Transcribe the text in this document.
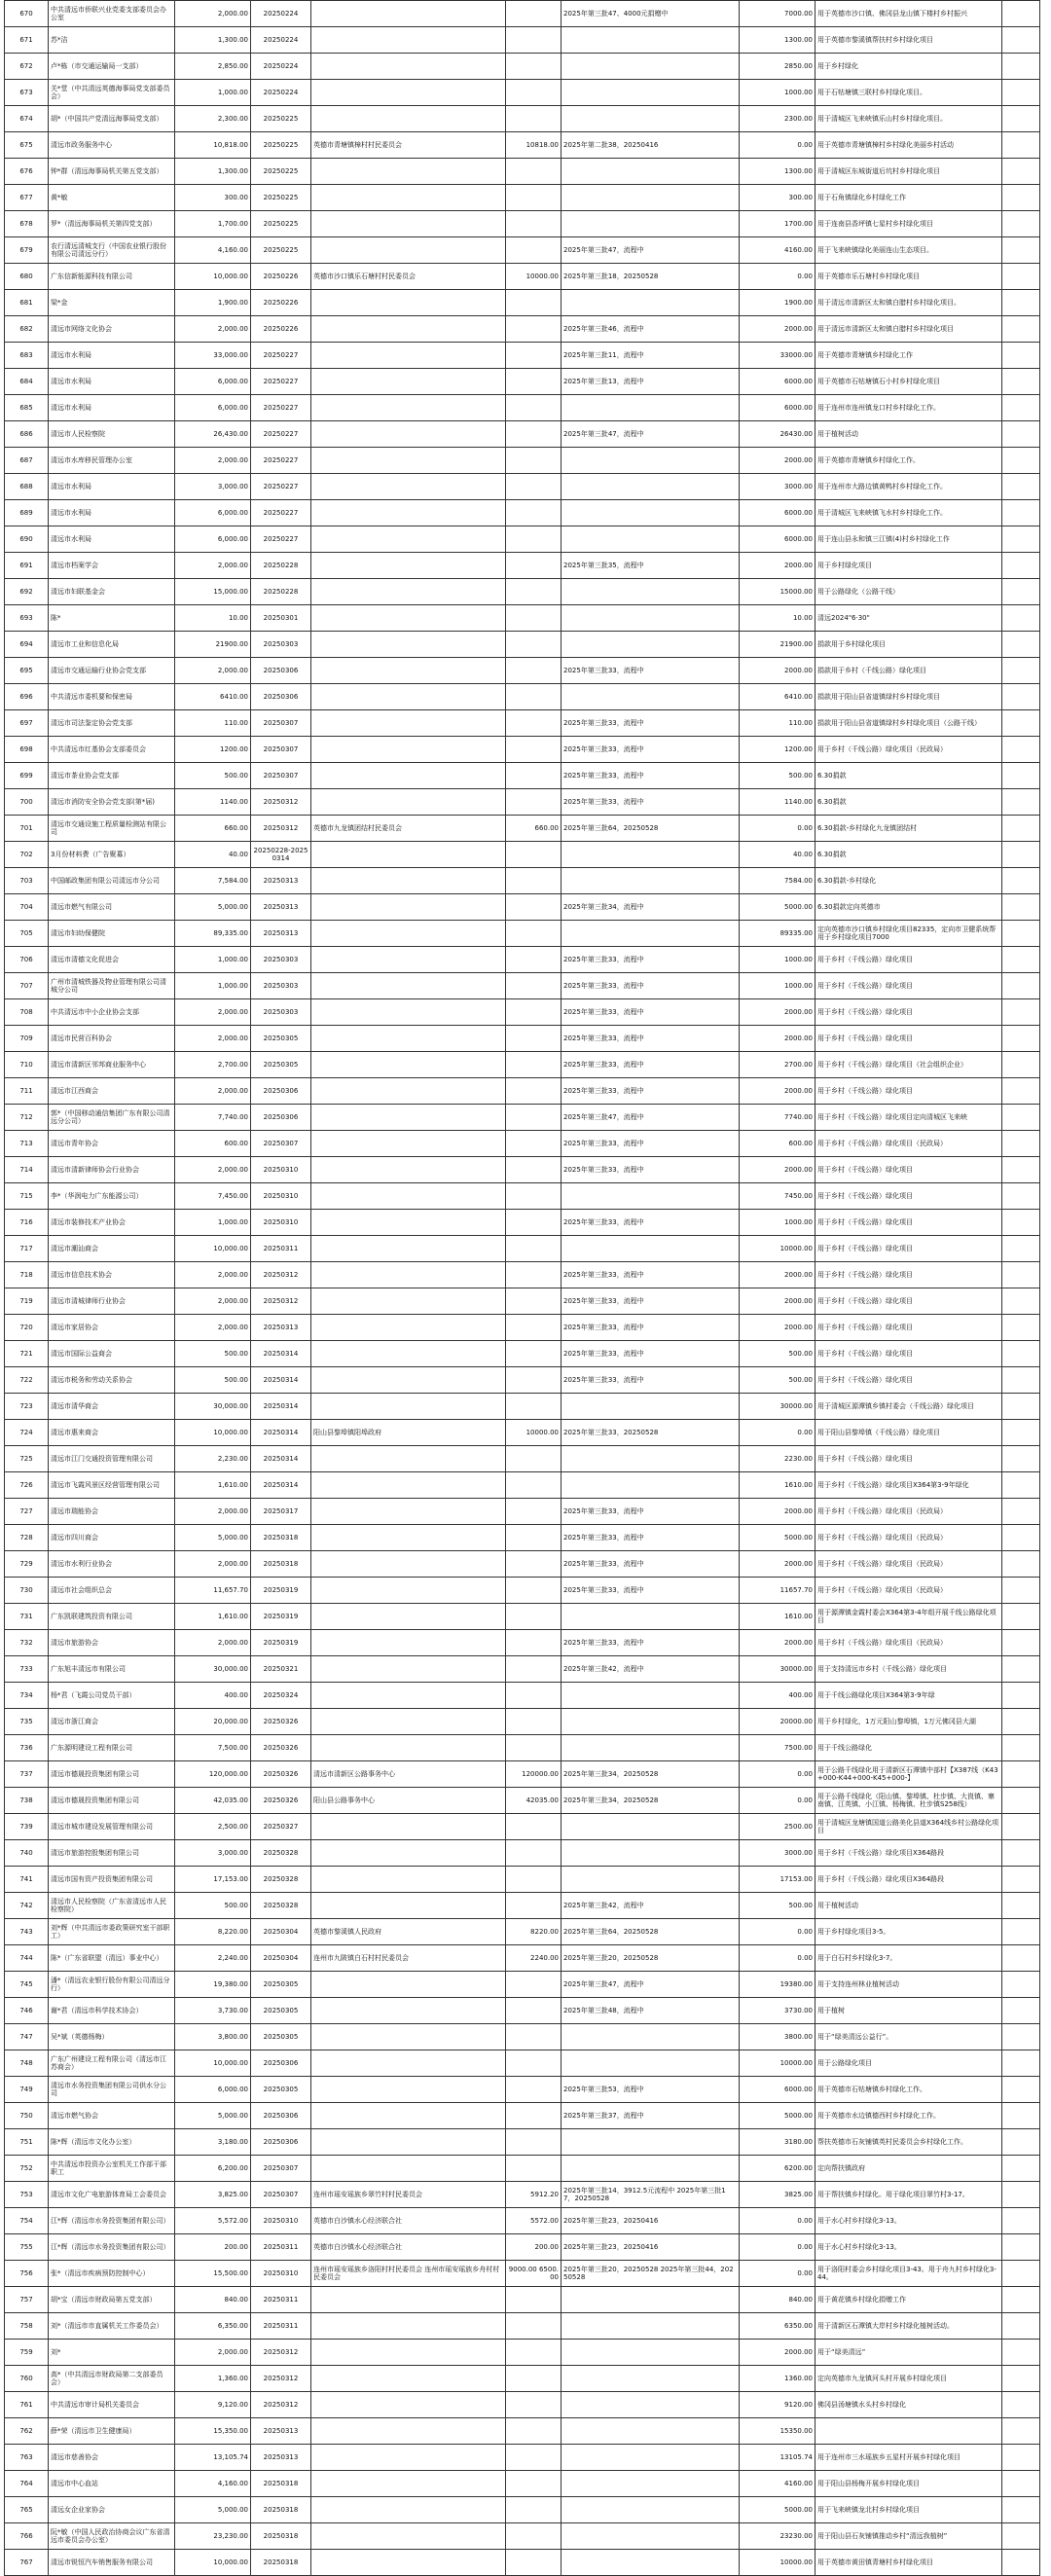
670	中共清远市侨联兴业党委支部委员会办公室	2,000.00	20250224			2025年第三批47、4000元捐赠中	7000.00	用于英德市沙口镇、佛冈县龙山镇下楼村乡村振兴	
671	苏*洁	1,300.00	20250224				1300.00	用于英德市黎溪镇帮扶村乡村绿化项目	
672	卢*栋（市交通运输局一支部）	2,850.00	20250224				2850.00	用于乡村绿化	
673	关*堂（中共清远英德海事局党支部委员会）	1,000.00	20250224				1000.00	用于石牯塘镇三联村乡村绿化项目。	
674	胡*（中国共产党清远海事局党支部）	2,300.00	20250225				2300.00	用于清城区飞来峡镇乐山村乡村绿化项目。	
675	清远市政务服务中心	10,818.00	20250225	英德市青塘镇樟村村民委员会	10818.00	2025年第二批38，20250416	0.00	用于英德市青塘镇樟村乡村绿化美丽乡村活动	
676	钟*群（清远海事局机关第五党支部）	1,300.00	20250225				1300.00	用于清城区东城街道后坑村乡村绿化项目	
677	黄*敏	300.00	20250225				300.00	用于石角镇绿化乡村绿化工作	
678	罗*（清远海事局机关第四党支部）	1,700.00	20250225				1700.00	用于连南县香坪镇七星村乡村绿化项目	
679	农行清远清城支行（中国农业银行股份有限公司清远分行）	4,160.00	20250225			2025年第三批47，流程中	4160.00	用于飞来峡镇绿化美丽连山生态项目。	
680	广东信新能源科技有限公司	10,000.00	20250226	英德市沙口镇乐石塘村村民委员会	10000.00	2025年第三批18，20250528	0.00	用于英德市乐石塘村乡村绿化项目	
681	梁*金	1,900.00	20250226				1900.00	用于清远市清新区太和镇白腊村乡村绿化项目。	
682	清远市网络文化协会	2,000.00	20250226			2025年第三批46，流程中	2000.00	用于清远市清新区太和镇白腊村乡村绿化项目	
683	清远市水利局	33,000.00	20250227			2025年第三批11，流程中	33000.00	用于英德市青塘镇乡村绿化工作	
684	清远市水利局	6,000.00	20250227			2025年第三批13，流程中	6000.00	用于英德市石牯塘镇石小村乡村绿化项目	
685	清远市水利局	6,000.00	20250227				6000.00	用于连州市连州镇龙口村乡村绿化工作。	
686	清远市人民检察院	26,430.00	20250227			2025年第三批47，流程中	26430.00	用于植树活动	
687	清远市水库移民管理办公室	2,000.00	20250227				2000.00	用于英德市青塘镇乡村绿化工作。	
688	清远市水利局	3,000.00	20250227				3000.00	用于连州市大路边镇黄鸭村乡村绿化工作。	
689	清远市水利局	6,000.00	20250227				6000.00	用于清城区飞来峡镇飞水村乡村绿化工作。	
690	清远市水利局	6,000.00	20250227				6000.00	用于连山县永和镇三江镇(4)村乡村绿化工作	
691	清远市档案学会	2,000.00	20250228			2025年第三批35，流程中	2000.00	用于乡村绿化项目	
692	清远市妇联基金会	15,000.00	20250228				15000.00	用于公路绿化（公路干线）	
693	陈*	10.00	20250301				10.00	清远2024"6·30"	
694	清远市工业和信息化局	21900.00	20250303				21900.00	捐款用于乡村绿化项目	
695	清远市交通运输行业协会党支部	2,000.00	20250306			2025年第三批33，流程中	2000.00	捐款用于乡村（千线公路）绿化项目	
696	中共清远市委机要和保密局	6410.00	20250306				6410.00	捐款用于阳山县省道镇绿村乡村绿化项目	
697	清远市司法鉴定协会党支部	110.00	20250307			2025年第三批33，流程中	110.00	捐款用于阳山县省道镇绿村乡村绿化项目（公路干线）	
698	中共清远市红基协会支部委员会	1200.00	20250307			2025年第三批33，流程中	1200.00	用于乡村（千线公路）绿化项目（民政局）	
699	清远市茶业协会党支部	500.00	20250307			2025年第三批33，流程中	500.00	6.30捐款	
700	清远市消防安全协会党支部(第*届)	1140.00	20250312			2025年第三批33，流程中	1140.00	6.30捐款	
701	清远市交通设施工程质量检测站有限公司	660.00	20250312	英德市九龙镇团结村民委员会	660.00	2025年第三批64，20250528	0.00	6.30捐款-乡村绿化九龙镇团结村	
702	3月份材料费（广告聚募）	40.00	20250228-20250314				40.00	6.30捐款	
703	中国邮政集团有限公司清远市分公司	7,584.00	20250313				7584.00	6.30捐款-乡村绿化	
704	清远市燃气有限公司	5,000.00	20250313			2025年第三批34，流程中	5000.00	6.30捐款定向英德市	
705	清远市妇幼保健院	89,335.00	20250313				89335.00	定向英德市沙口镇乡村绿化项目82335，定向市卫健系统帮用于乡村绿化项目7000	
706	清远市清德文化促进会	1,000.00	20250303			2025年第三批33，流程中	1000.00	用于乡村（千线公路）绿化项目	
707	广州市清城铁器及物业管理有限公司清城分公司	1,000.00	20250303			2025年第三批33，流程中	1000.00	用于乡村（千线公路）绿化项目	
708	中共清远市中小企业协会支部	2,000.00	20250303			2025年第三批33，流程中	2000.00	用于乡村（千线公路）绿化项目	
709	清远市民营百科协会	2,000.00	20250305			2025年第三批33，流程中	2000.00	用于乡村（千线公路）绿化项目	
710	清远市清新区邻邦商业服务中心	2,700.00	20250305			2025年第三批33，流程中	2700.00	用于乡村（千线公路）绿化项目（社会组织企业）	
711	清远市江西商会	2,000.00	20250306			2025年第三批33，流程中	2000.00	用于乡村（千线公路）绿化项目	
712	郭*（中国移动通信集团广东有限公司清远分公司）	7,740.00	20250306			2025年第三批47，流程中	7740.00	用于乡村（千线公路）绿化项目定向清城区飞来峡	
713	清远市青年协会	600.00	20250307			2025年第三批33，流程中	600.00	用于乡村（千线公路）绿化项目（民政局）	
714	清远市清新律师协会行业协会	2,000.00	20250310			2025年第三批33，流程中	2000.00	用于乡村（千线公路）绿化项目	
715	李*（华润电力广东能源公司）	7,450.00	20250310				7450.00	用于乡村（千线公路）绿化项目	
716	清远市装修技术产业协会	1,000.00	20250310			2025年第三批33，流程中	1000.00	用于乡村（千线公路）绿化项目	
717	清远市潮汕商会	10,000.00	20250311				10000.00	用于乡村（千线公路）绿化项目	
718	清远市信息技术协会	2,000.00	20250312			2025年第三批33，流程中	2000.00	用于乡村（千线公路）绿化项目	
719	清远市清城律师行业协会	2,000.00	20250312			2025年第三批33，流程中	2000.00	用于乡村（千线公路）绿化项目	
720	清远市家居协会	2,000.00	20250313			2025年第三批33，流程中	2000.00	用于乡村（千线公路）绿化项目	
721	清远市国际公益商会	500.00	20250314			2025年第三批33，流程中	500.00	用于乡村（千线公路）绿化项目	
722	清远市税务和劳动关系协会	500.00	20250314			2025年第三批33，流程中	500.00	用于乡村（千线公路）绿化项目	
723	清远市清华商会	30,000.00	20250314				30000.00	用于清城区源潭镇乡镇村委会（千线公路）绿化项目	
724	清远市惠来商会	10,000.00	20250314	阳山县黎埠镇阳埠政府	10000.00	2025年第三批33，20250528	0.00	用于阳山县黎埠镇（千线公路）绿化项目	
725	清远市江门交通投资管理有限公司	2,230.00	20250314				2230.00	用于乡村（千线公路）绿化项目	
726	清远市飞霞风景区经营管理有限公司	1,610.00	20250314				1610.00	用于乡村（千线公路）绿化项目X364第3-9年绿化	
727	清远市瑞能协会	2,000.00	20250317			2025年第三批33，流程中	2000.00	用于乡村（千线公路）绿化项目（民政局）	
728	清远市四川商会	5,000.00	20250318			2025年第三批33，流程中	5000.00	用于乡村（千线公路）绿化项目（民政局）	
729	清远市水利行业协会	2,000.00	20250318			2025年第三批33，流程中	2000.00	用于乡村（千线公路）绿化项目（民政局）	
730	清远市社会组织总会	11,657.70	20250319			2025年第三批33，流程中	11657.70	用于乡村（千线公路）绿化项目（民政局）	
731	广东凯联建筑投资有限公司	1,610.00	20250319				1610.00	用于源潭镇金霞村委会X364第3-4年组开展千线公路绿化项目	
732	清远市旅游协会	2,000.00	20250319			2025年第三批33，流程中	2000.00	用于乡村（千线公路）绿化项目（民政局）	
733	广东旭丰清远市有限公司	30,000.00	20250321			2025年第三批42，流程中	30000.00	用于支持清远市乡村（千线公路）绿化项目	
734	杨*君（飞霞公司党员干部）	400.00	20250324				400.00	用于千线公路绿化项目X364第3-9年绿	
735	清远市浙江商会	20,000.00	20250326				20000.00	用于乡村绿化，1万元阳山黎埠镇，1万元佛冈县大湖	
736	广东源明建设工程有限公司	7,500.00	20250326				7500.00	用于千线公路绿化	
737	清远市德晟投资集团有限公司	120,000.00	20250326	清远市清新区公路事务中心	120000.00	2025年第三批34，20250528	0.00	用于公路千线绿化用于清新区石潭镇中部村【X387线（K43+000-K44+000-K45+000-】	
738	清远市德晟投资集团有限公司	42,035.00	20250326	阳山县公路事务中心	42035.00	2025年第三批34，20250528	0.00	用于公路千线绿化（阳山镇、黎埠镇、杜步镇、大崀镇、寨南镇、江英镇、小江镇、杨梅镇、杜步镇S258线）	
739	清远市城市建设发展管理有限公司	2,500.00	20250327				2500.00	用于清城区龙塘镇国道公路美化县道X364线乡村公路绿化项目	
740	清远市旅游控股集团有限公司	3,000.00	20250328				3000.00	用于乡村（千线公路）绿化项目X364路段	
741	清远市国有资产投资集团有限公司	17,153.00	20250328				17153.00	用于乡村（千线公路）绿化项目X364路段	
742	清远市人民检察院（广东省清远市人民检察院）	500.00	20250328			2025年第三批42，流程中	500.00	用于植树活动	
743	刘*辉（中共清远市委政策研究室干部职工）	8,220.00	20250304	英德市黎溪镇人民政府	8220.00	2025年第三批64，20250528	0.00	用于乡村绿化项目3-5。	
744	陈*（广东省联盟（清远）事业中心）	2,240.00	20250304	连州市九陂镇白石村村民委员会	2240.00	2025年第三批20，20250528	0.00	用于白石村乡村绿化3-7。	
745	潘*（清远农业银行股份有限公司清远分行）	19,380.00	20250305			2025年第三批47，流程中	19380.00	用于支持连州林业植树活动	
746	谢*君（清远市科学技术协会）	3,730.00	20250305			2025年第三批48，流程中	3730.00	用于植树	
747	吴*斌（英德杨梅）	3,800.00	20250305				3800.00	用于“绿美清远公益行”。	
748	广东广州建设工程有限公司（清远市江苏商会）	10,000.00	20250306				10000.00	用于公路绿化项目	
749	清远市水务投资集团有限公司供水分公司	6,000.00	20250305			2025年第三批53，流程中	6000.00	用于英德市石牯塘镇乡村绿化工作。	
750	清远市燃气协会	5,000.00	20250306			2025年第三批37，流程中	5000.00	用于英德市水边镇德西村乡村绿化工作。	
751	陈*辉（清远市文化办公室）	3,180.00	20250306				3180.00	帮扶英德市石灰铺镇英村民委员会乡村绿化工作。	
752	中共清远市投资办公室机关工作部干部职工	6,200.00	20250307				6200.00	定向帮扶镇政府	
753	清远市文化广电旅游体育局工会委员会	3,825.00	20250307	连州市瑶安瑶族乡翠竹村村民委员会	5912.20	2025年第三批14，3912.5元流程中 2025年第三批17，20250528	3825.00	用于帮扶镇乡村绿化。用于绿化项目翠竹村3-17。	
754	江*辉（清远市水务投资集团有限公司）	5,572.00	20250310	英德市白沙镇水心经济联合社	5572.00	2025年第三批23，20250416	0.00	用于水心村乡村绿化3-13。	
755	江*辉（清远市水务投资集团有限公司）	200.00	20250311	英德市白沙镇水心经济联合社	200.00	2025年第三批23，20250416	0.00	用于水心村乡村绿化3-13。	
756	张*（清远市疾病预防控制中心）	15,500.00	20250310	连州市瑶安瑶族乡洛阳村村民委员会 连州市瑶安瑶族乡舟村村民委员会	9000.00 6500.00	2025年第三批20，20250528 2025年第三批44，20250528	0.00	用于洛阳村委会乡村绿化项目3-43。用于舟九村乡村绿化3-44。	
757	胡*宝（清远市财政局第五党支部）	840.00	20250311				840.00	用于黄花镇乡村绿化捐赠工作	
758	刘*（清远市市直属机关工作委员会）	6,350.00	20250311				6350.00	用于清新区石潭镇大岸村乡村绿化植树活动。	
759	刘*	2,000.00	20250312				2000.00	用于“绿美清远”	
760	高*（中共清远市财政局第二支部委员会）	1,360.00	20250312				1360.00	定向英德市九龙镇河头村开展乡村绿化项目	
761	中共清远市审计局机关委员会	9,120.00	20250312				9120.00	佛冈县汤塘镇水头村乡村绿化	
762	薛*荣（清远市卫生健康局）	15,350.00	20250313				15350.00		
763	清远市慈善协会	13,105.74	20250313				13105.74	用于连州市三水瑶族乡五星村开展乡村绿化项目	
764	清远市中心血站	4,160.00	20250318				4160.00	用于阳山县杨梅开展乡村绿化项目	
765	清远女企业家协会	5,000.00	20250318				5000.00	用于飞来峡镇龙北村乡村绿化项目	
766	阮*敏（中国人民政治协商会议广东省清远市委员会办公室）	23,230.00	20250318				23230.00	用于阳山县石灰铺镇推动乡村“清远我植树”	
767	清远市锐恒汽车销售服务有限公司	10,000.00	20250318				10000.00	用于英德市黄田镇青塘村乡村绿化项目	
